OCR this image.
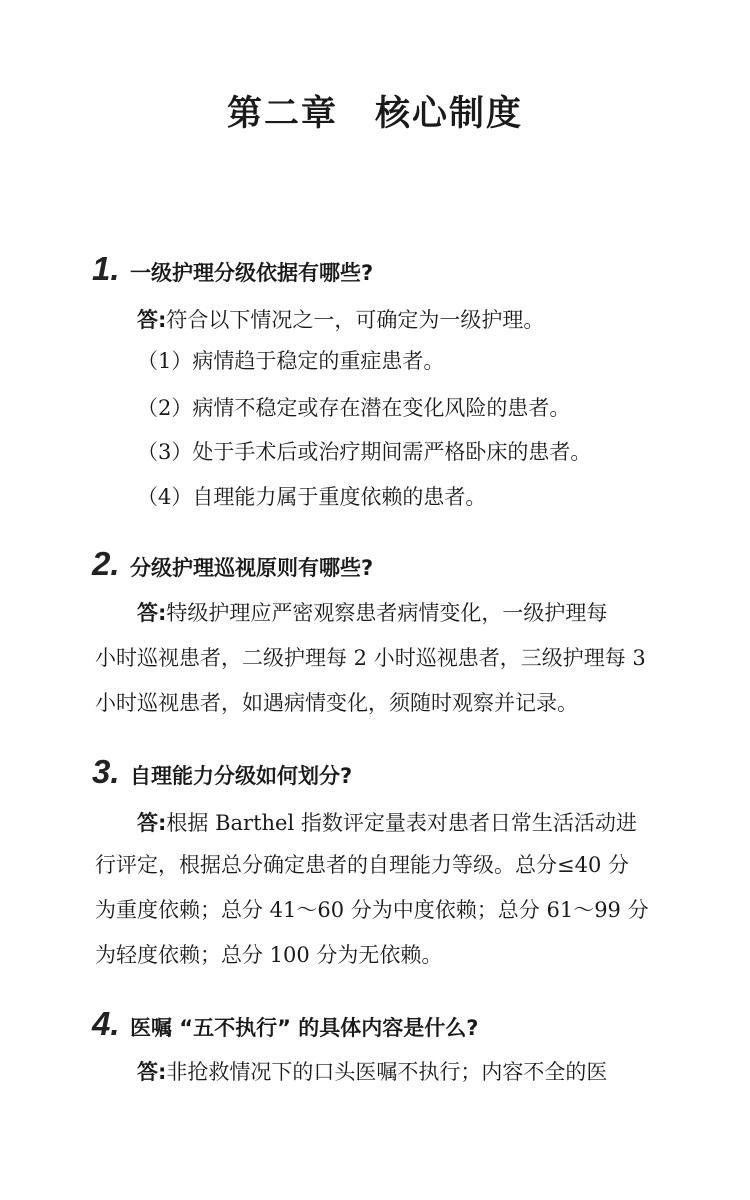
第二章　核心制度
1. 一级护理分级依据有哪些?
答:符合以下情况之一，可确定为一级护理。
（1）病情趋于稳定的重症患者。
（2）病情不稳定或存在潜在变化风险的患者。
（3）处于手术后或治疗期间需严格卧床的患者。
（4）自理能力属于重度依赖的患者。
2. 分级护理巡视原则有哪些?
答:特级护理应严密观察患者病情变化，一级护理每
小时巡视患者，二级护理每 2 小时巡视患者，三级护理每 3
小时巡视患者，如遇病情变化，须随时观察并记录。
3. 自理能力分级如何划分?
答:根据 Barthel 指数评定量表对患者日常生活活动进
行评定，根据总分确定患者的自理能力等级。总分≤40 分
为重度依赖；总分 41～60 分为中度依赖；总分 61～99 分
为轻度依赖；总分 100 分为无依赖。
4. 医嘱 “五不执行” 的具体内容是什么?
答:非抢救情况下的口头医嘱不执行；内容不全的医
